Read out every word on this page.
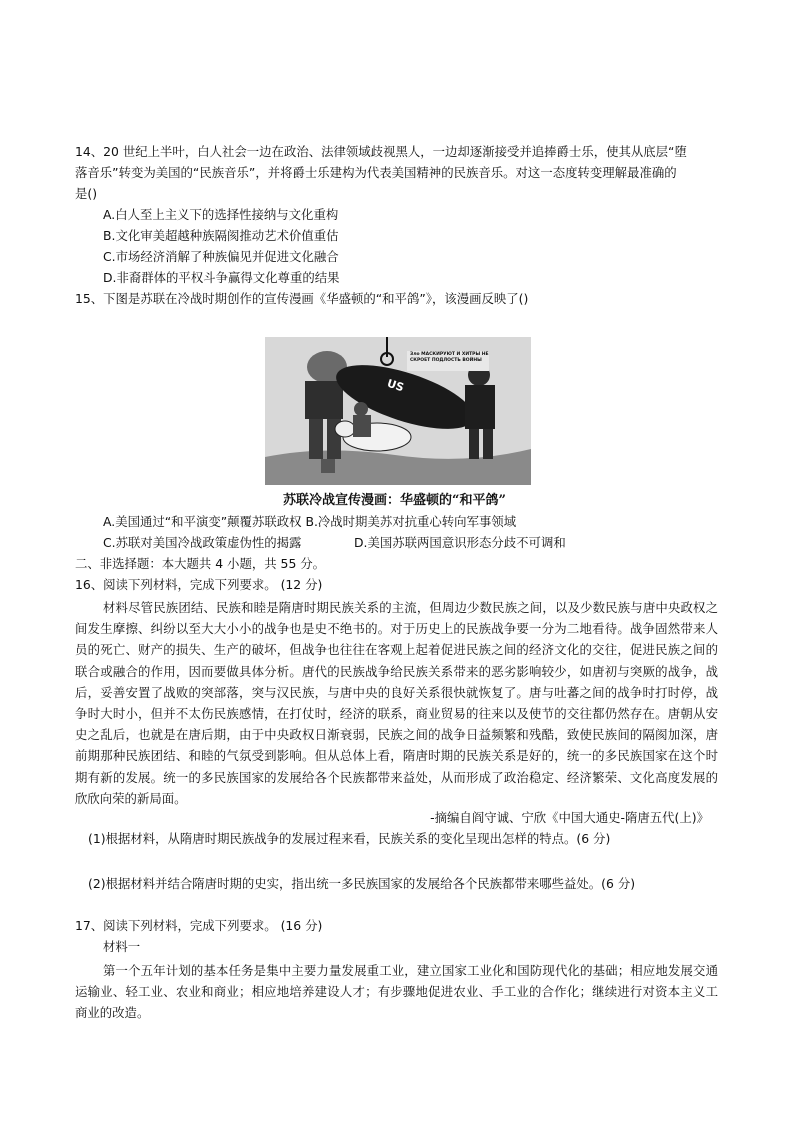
14、20 世纪上半叶，白人社会一边在政治、法律领域歧视黑人，一边却逐渐接受并追捧爵士乐，使其从底层“堕
落音乐”转变为美国的“民族音乐”，并将爵士乐建构为代表美国精神的民族音乐。对这一态度转变理解最准确的
是()
A.白人至上主义下的选择性接纳与文化重构
B.文化审美超越种族隔阂推动艺术价值重估
C.市场经济消解了种族偏见并促进文化融合
D.非裔群体的平权斗争赢得文化尊重的结果
15、下图是苏联在冷战时期创作的宣传漫画《华盛顿的“和平鸽”》，该漫画反映了()
Зло МАСКИРУЮТ И ХИТРЫ НЕ СКРОЕТ ПОДЛОСТЬ ВОЙНЫ
US
苏联冷战宣传漫画：华盛顿的“和平鸽”
A.美国通过“和平演变”颠覆苏联政权 B.冷战时期美苏对抗重心转向军事领域
C.苏联对美国冷战政策虚伪性的揭露	D.美国苏联两国意识形态分歧不可调和
二、非选择题：本大题共 4 小题，共 55 分。
16、阅读下列材料，完成下列要求。 (12 分)
材料尽管民族团结、民族和睦是隋唐时期民族关系的主流，但周边少数民族之间，以及少数民族与唐中央政权之间发生摩擦、纠纷以至大大小小的战争也是史不绝书的。对于历史上的民族战争要一分为二地看待。战争固然带来人员的死亡、财产的损失、生产的破坏，但战争也往往在客观上起着促进民族之间的经济文化的交往，促进民族之间的联合或融合的作用，因而要做具体分析。唐代的民族战争给民族关系带来的恶劣影响较少，如唐初与突厥的战争，战后，妥善安置了战败的突部落，突与汉民族，与唐中央的良好关系很快就恢复了。唐与吐蕃之间的战争时打时停，战争时大时小，但并不太伤民族感情，在打仗时，经济的联系，商业贸易的往来以及使节的交往都仍然存在。唐朝从安史之乱后，也就是在唐后期，由于中央政权日渐衰弱，民族之间的战争日益频繁和残酷，致使民族间的隔阂加深，唐前期那种民族团结、和睦的气氛受到影响。但从总体上看，隋唐时期的民族关系是好的，统一的多民族国家在这个时期有新的发展。统一的多民族国家的发展给各个民族都带来益处，从而形成了政治稳定、经济繁荣、文化高度发展的欣欣向荣的新局面。
-摘编自阎守诚、宁欣《中国大通史-隋唐五代(上)》
(1)根据材料，从隋唐时期民族战争的发展过程来看，民族关系的变化呈现出怎样的特点。(6 分)
(2)根据材料并结合隋唐时期的史实，指出统一多民族国家的发展给各个民族都带来哪些益处。(6 分)
17、阅读下列材料，完成下列要求。 (16 分)
材料一
第一个五年计划的基本任务是集中主要力量发展重工业，建立国家工业化和国防现代化的基础；相应地发展交通运输业、轻工业、农业和商业；相应地培养建设人才；有步骤地促进农业、手工业的合作化；继续进行对资本主义工商业的改造。
